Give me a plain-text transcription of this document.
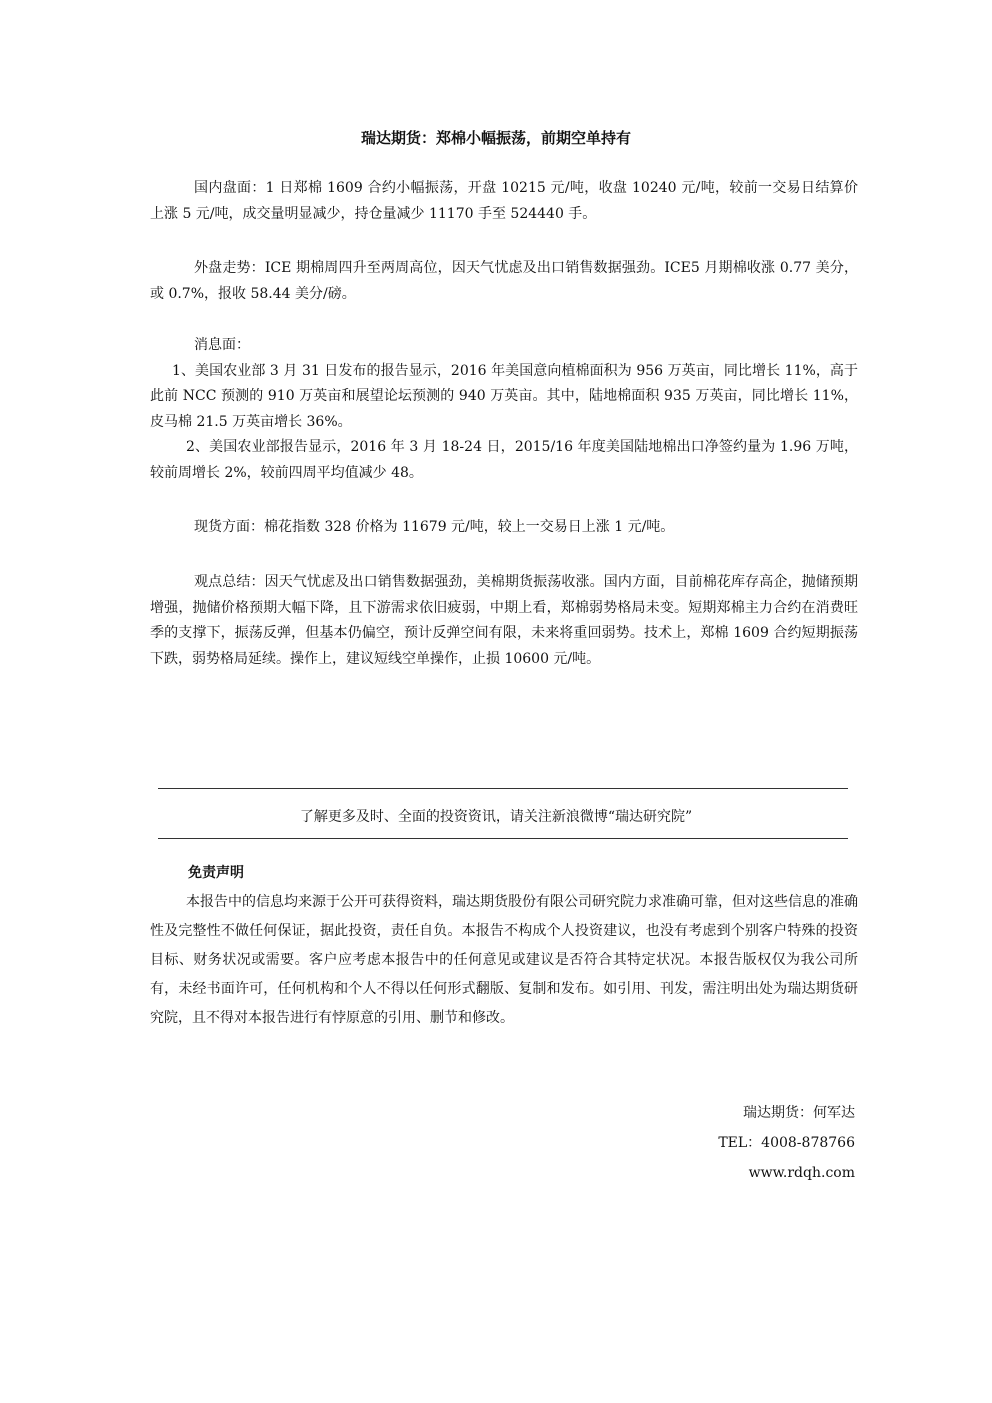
瑞达期货：郑棉小幅振荡，前期空单持有

国内盘面：1 日郑棉 1609 合约小幅振荡，开盘 10215 元/吨，收盘 10240 元/吨，较前一交易日结算价上涨 5 元/吨，成交量明显减少，持仓量减少 11170 手至 524440 手。

外盘走势：ICE 期棉周四升至两周高位，因天气忧虑及出口销售数据强劲。ICE5 月期棉收涨 0.77 美分，或 0.7%，报收 58.44 美分/磅。

消息面：
1、美国农业部 3 月 31 日发布的报告显示，2016 年美国意向植棉面积为 956 万英亩，同比增长 11%，高于此前 NCC 预测的 910 万英亩和展望论坛预测的 940 万英亩。其中，陆地棉面积 935 万英亩，同比增长 11%，皮马棉 21.5 万英亩增长 36%。
2、美国农业部报告显示，2016 年 3 月 18-24 日，2015/16 年度美国陆地棉出口净签约量为 1.96 万吨，较前周增长 2%，较前四周平均值减少 48。

现货方面：棉花指数 328 价格为 11679 元/吨，较上一交易日上涨 1 元/吨。

观点总结：因天气忧虑及出口销售数据强劲，美棉期货振荡收涨。国内方面，目前棉花库存高企，抛储预期增强，抛储价格预期大幅下降，且下游需求依旧疲弱，中期上看，郑棉弱势格局未变。短期郑棉主力合约在消费旺季的支撑下，振荡反弹，但基本仍偏空，预计反弹空间有限，未来将重回弱势。技术上，郑棉 1609 合约短期振荡下跌，弱势格局延续。操作上，建议短线空单操作，止损 10600 元/吨。

了解更多及时、全面的投资资讯，请关注新浪微博“瑞达研究院”
免责声明

本报告中的信息均来源于公开可获得资料，瑞达期货股份有限公司研究院力求准确可靠，但对这些信息的准确性及完整性不做任何保证，据此投资，责任自负。本报告不构成个人投资建议，也没有考虑到个别客户特殊的投资目标、财务状况或需要。客户应考虑本报告中的任何意见或建议是否符合其特定状况。本报告版权仅为我公司所有，未经书面许可，任何机构和个人不得以任何形式翻版、复制和发布。如引用、刊发，需注明出处为瑞达期货研究院，且不得对本报告进行有悖原意的引用、删节和修改。

瑞达期货：何军达
TEL：4008-878766
www.rdqh.com
